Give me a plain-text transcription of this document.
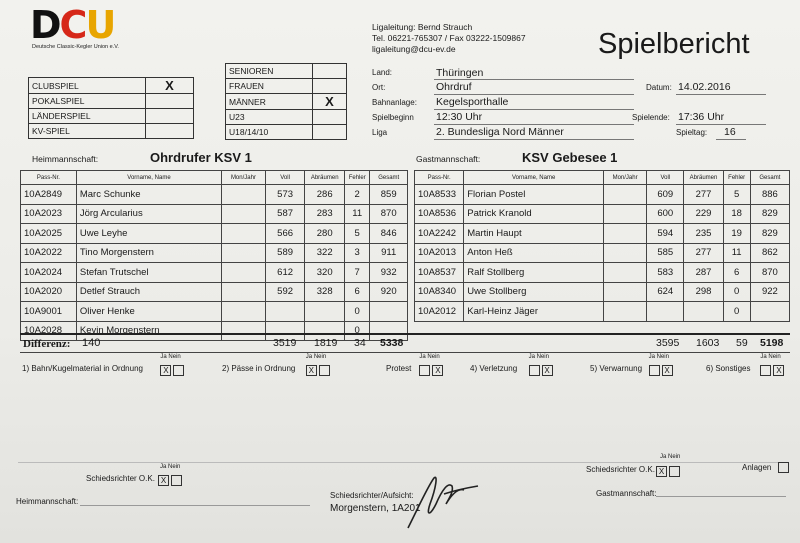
DCU
Deutsche Classic-Kegler Union e.V.
Ligaleitung: Bernd Strauch
Tel. 06221-765307 / Fax 03222-1509867
ligaleitung@dcu-ev.de	Spielbericht
CLUBSPIEL	X
POKALSPIEL	
LÄNDERSPIEL	
KV-SPIEL	
SENIOREN	
FRAUEN	
MÄNNER	X
U23	
U18/14/10	
Land:	Thüringen
Ort:	Ohrdruf	Datum: 14.02.2016
Bahnanlage: Kegelsporthalle
Spielbeginn 12:30 Uhr	Spielende: 17:36 Uhr
Liga	2. Bundesliga Nord Männer	Spieltag: 16
Heimmannschaft:	Ohrdrufer KSV 1	Gastmannschaft:	KSV Gebesee 1
Pass-Nr.	Vorname, Name	Mon/Jahr	Voll	Abräumen	Fehler	Gesamt
10A2849	Marc Schunke		573	286	2	859
10A2023	Jörg Arcularius		587	283	11	870
10A2025	Uwe Leyhe		566	280	5	846
10A2022	Tino Morgenstern		589	322	3	911
10A2024	Stefan Trutschel		612	320	7	932
10A2020	Detlef Strauch		592	328	6	920
10A9001	Oliver Henke				0	
10A2028	Kevin Morgenstern				0	
Pass-Nr.	Vorname, Name	Mon/Jahr	Voll	Abräumen	Fehler	Gesamt
10A8533	Florian Postel		609	277	5	886
10A8536	Patrick Kranold		600	229	18	829
10A2242	Martin Haupt		594	235	19	829
10A2013	Anton Heß		585	277	11	862
10A8537	Ralf Stollberg		583	287	6	870
10A8340	Uwe Stollberg		624	298	0	922
10A2012	Karl-Heinz Jäger				0	
Differenz: 140	3519 1819 34 5338	3595 1603 59 5198
1) Bahn/Kugelmaterial in Ordnung
Ja Nein
X	2) Pässe in Ordnung
Ja Nein
X	Protest
Ja Nein
X	4) Verletzung
Ja Nein
X	5) Verwarnung
Ja Nein
X	6) Sonstiges
Ja Nein
X
Schiedsrichter O.K.
Ja Nein
X
Schiedsrichter O.K.
Ja Nein
X	Anlagen
Heimmannschaft:
Schiedsrichter/Aufsicht:
Morgenstern, 1A201
Gastmannschaft:
